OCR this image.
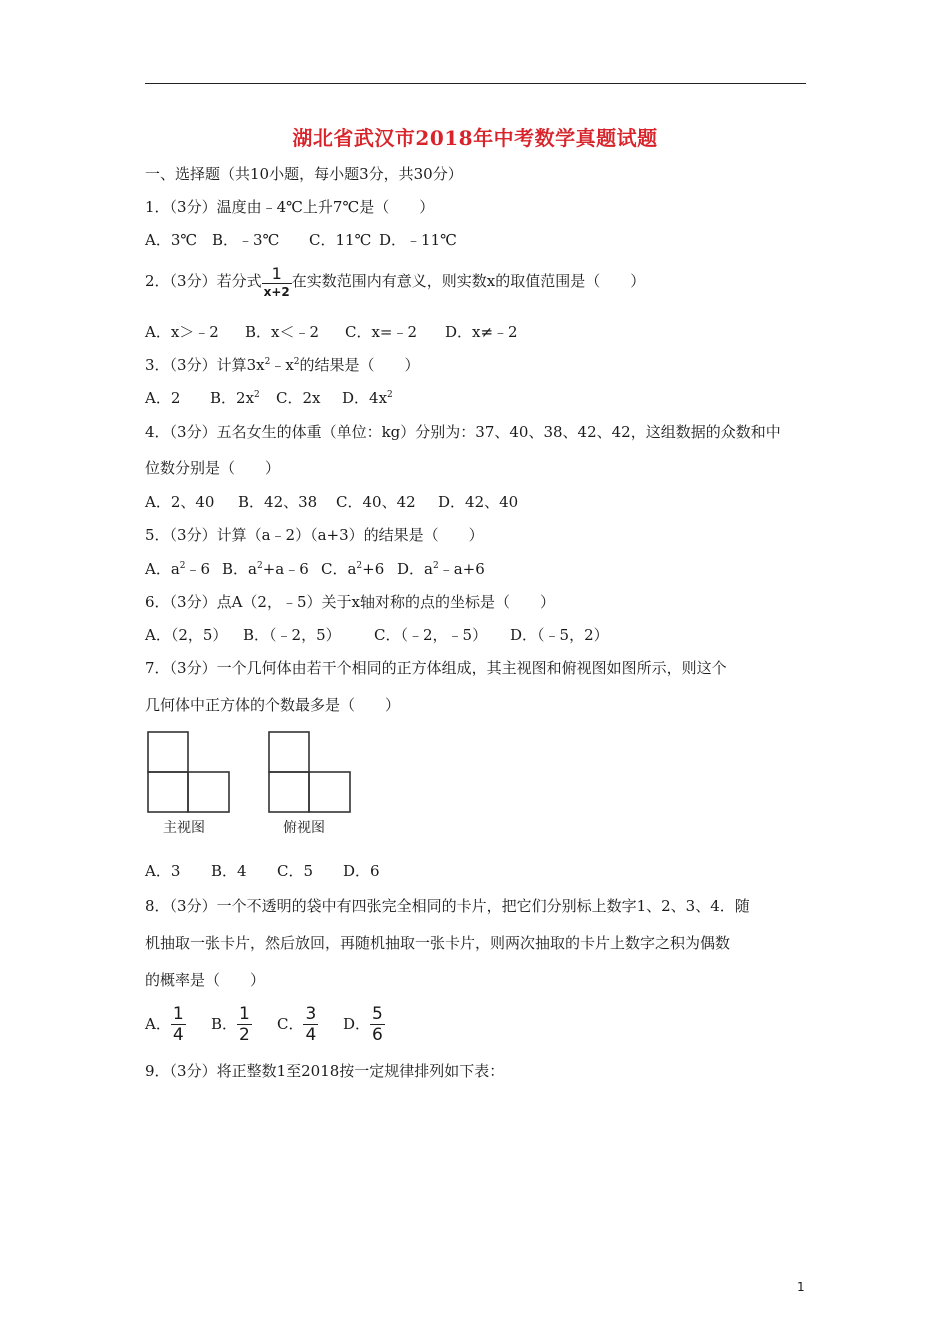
湖北省武汉市2018年中考数学真题试题
一、选择题（共10小题，每小题3分，共30分）
1．（3分）温度由﹣4℃上升7℃是（　　）
A．3℃ B．﹣3℃ C．11℃ D．﹣11℃
2．（3分）若分式 $\frac{1}{x+2}$ 在实数范围内有意义，则实数x的取值范围是（　　）
A．x＞﹣2 B．x＜﹣2 C．x=﹣2 D．x≠﹣2
3．（3分）计算$3x^2﹣x^2$的结果是（　　）
A．2 B．$2x^2$ C．2x D．$4x^2$
4．（3分）五名女生的体重（单位：kg）分别为：37、40、38、42、42，这组数据的众数和中
位数分别是（　　）
A．2、40 B．42、38 C．40、42 D．42、40
5．（3分）计算（a﹣2）（a+3）的结果是（　　）
A．$a^2﹣6$ B．$a^2+a﹣6$ C．$a^2+6$ D．$a^2﹣a+6$
6．（3分）点A（2，﹣5）关于x轴对称的点的坐标是（　　）
A．（2，5） B．（﹣2，5） C．（﹣2，﹣5） D．（﹣5，2）
7．（3分）一个几何体由若干个相同的正方体组成，其主视图和俯视图如图所示，则这个
几何体中正方体的个数最多是（　　）
主视图	俯视图
A．3 B．4 C．5 D．6
8．（3分）一个不透明的袋中有四张完全相同的卡片，把它们分别标上数字1、2、3、4．随
机抽取一张卡片，然后放回，再随机抽取一张卡片，则两次抽取的卡片上数字之积为偶数
的概率是（　　）
A． $\frac{1}{4}$ B． $\frac{1}{2}$ C． $\frac{3}{4}$ D． $\frac{5}{6}$
9．（3分）将正整数1至2018按一定规律排列如下表：
1
